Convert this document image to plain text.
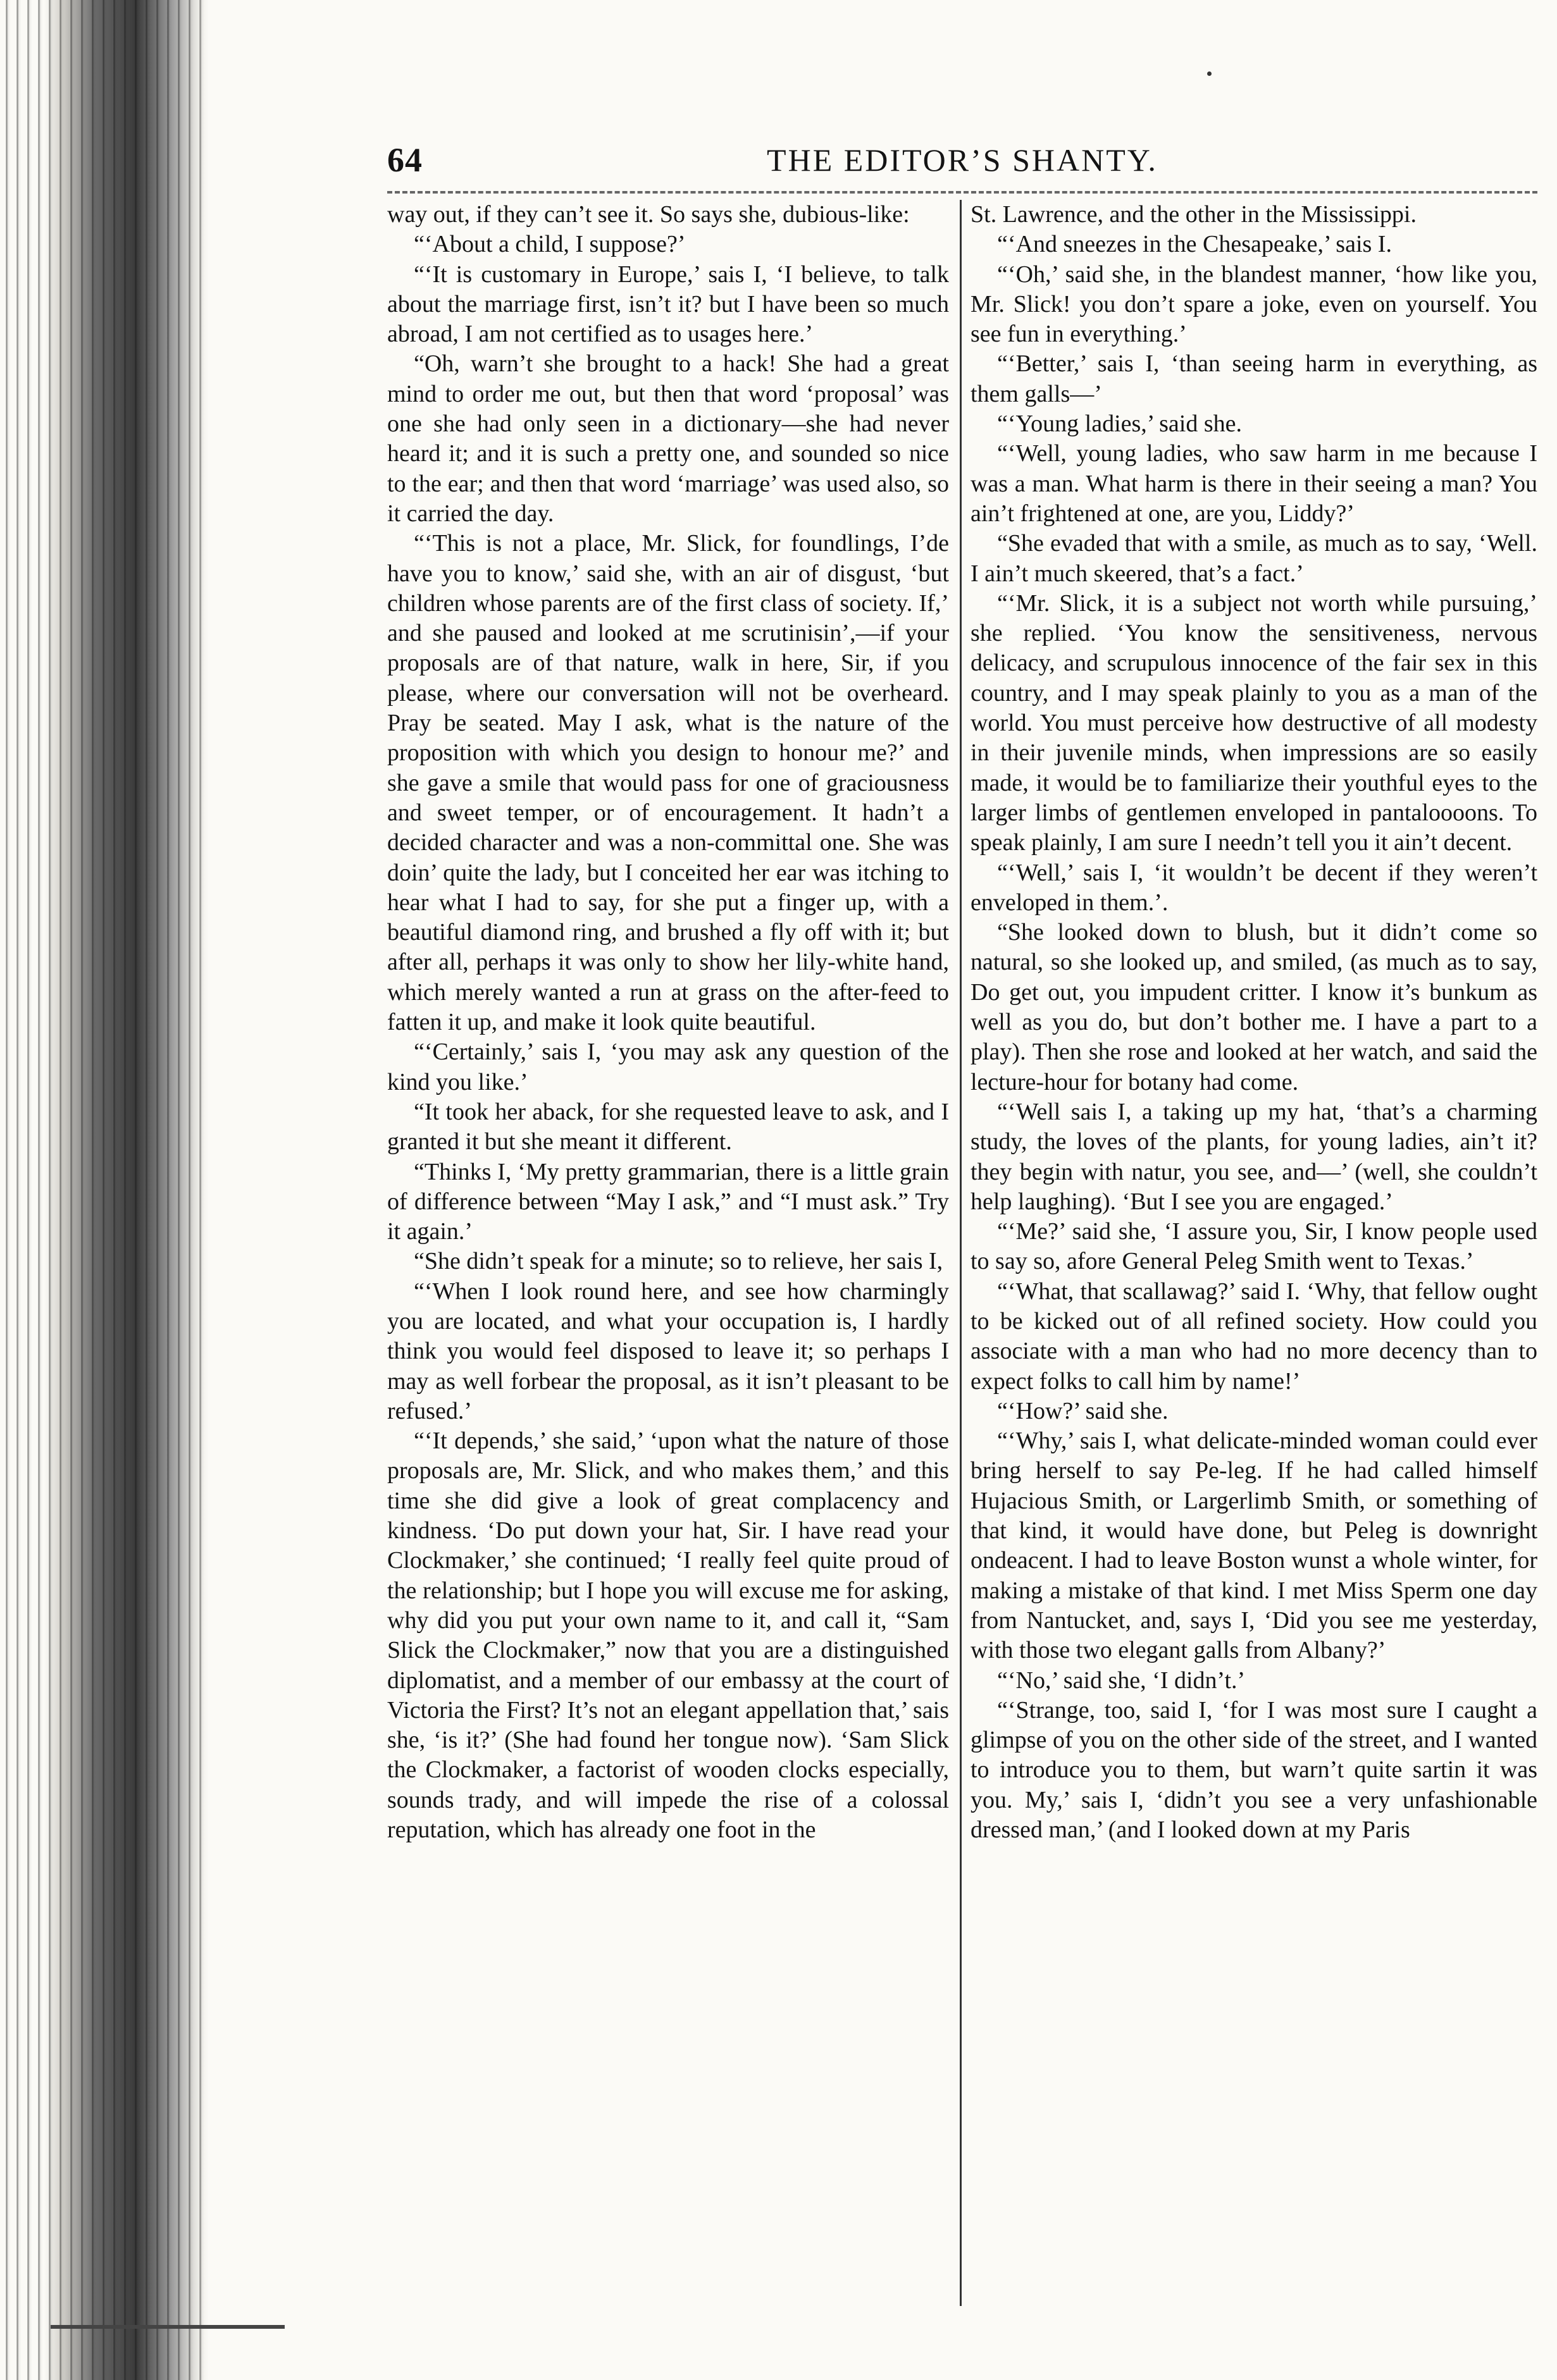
64	THE EDITOR’S SHANTY.

way out, if they can’t see it. So says she, dubious-like:

“‘About a child, I suppose?’

“‘It is customary in Europe,’ sais I, ‘I believe, to talk about the marriage first, isn’t it? but I have been so much abroad, I am not certified as to usages here.’

“Oh, warn’t she brought to a hack! She had a great mind to order me out, but then that word ‘proposal’ was one she had only seen in a dictionary—she had never heard it; and it is such a pretty one, and sounded so nice to the ear; and then that word ‘marriage’ was used also, so it carried the day.

“‘This is not a place, Mr. Slick, for foundlings, I’de have you to know,’ said she, with an air of disgust, ‘but children whose parents are of the first class of society. If,’ and she paused and looked at me scrutinisin’,—if your proposals are of that nature, walk in here, Sir, if you please, where our conversation will not be overheard. Pray be seated. May I ask, what is the nature of the proposition with which you design to honour me?’ and she gave a smile that would pass for one of graciousness and sweet temper, or of encouragement. It hadn’t a decided character and was a non-committal one. She was doin’ quite the lady, but I conceited her ear was itching to hear what I had to say, for she put a finger up, with a beautiful diamond ring, and brushed a fly off with it; but after all, perhaps it was only to show her lily-white hand, which merely wanted a run at grass on the after-feed to fatten it up, and make it look quite beautiful.

“‘Certainly,’ sais I, ‘you may ask any question of the kind you like.’

“It took her aback, for she requested leave to ask, and I granted it but she meant it different.

“Thinks I, ‘My pretty grammarian, there is a little grain of difference between “May I ask,” and “I must ask.” Try it again.’

“She didn’t speak for a minute; so to relieve, her sais I,

“‘When I look round here, and see how charmingly you are located, and what your occupation is, I hardly think you would feel disposed to leave it; so perhaps I may as well forbear the proposal, as it isn’t pleasant to be refused.’

“‘It depends,’ she said,’ ‘upon what the nature of those proposals are, Mr. Slick, and who makes them,’ and this time she did give a look of great complacency and kindness. ‘Do put down your hat, Sir. I have read your Clockmaker,’ she continued; ‘I really feel quite proud of the relationship; but I hope you will excuse me for asking, why did you put your own name to it, and call it, “Sam Slick the Clockmaker,” now that you are a distinguished diplomatist, and a member of our embassy at the court of Victoria the First? It’s not an elegant appellation that,’ sais she, ‘is it?’ (She had found her tongue now). ‘Sam Slick the Clockmaker, a factorist of wooden clocks especially, sounds trady, and will impede the rise of a colossal reputation, which has already one foot in the

St. Lawrence, and the other in the Mississippi.

“‘And sneezes in the Chesapeake,’ sais I.

“‘Oh,’ said she, in the blandest manner, ‘how like you, Mr. Slick! you don’t spare a joke, even on yourself. You see fun in everything.’

“‘Better,’ sais I, ‘than seeing harm in everything, as them galls—’

“‘Young ladies,’ said she.

“‘Well, young ladies, who saw harm in me because I was a man. What harm is there in their seeing a man? You ain’t frightened at one, are you, Liddy?’

“She evaded that with a smile, as much as to say, ‘Well. I ain’t much skeered, that’s a fact.’

“‘Mr. Slick, it is a subject not worth while pursuing,’ she replied. ‘You know the sensitiveness, nervous delicacy, and scrupulous innocence of the fair sex in this country, and I may speak plainly to you as a man of the world. You must perceive how destructive of all modesty in their juvenile minds, when impressions are so easily made, it would be to familiarize their youthful eyes to the larger limbs of gentlemen enveloped in pantaloooons. To speak plainly, I am sure I needn’t tell you it ain’t decent.

“‘Well,’ sais I, ‘it wouldn’t be decent if they weren’t enveloped in them.’.

“She looked down to blush, but it didn’t come so natural, so she looked up, and smiled, (as much as to say, Do get out, you impudent critter. I know it’s bunkum as well as you do, but don’t bother me. I have a part to a play). Then she rose and looked at her watch, and said the lecture-hour for botany had come.

“‘Well sais I, a taking up my hat, ‘that’s a charming study, the loves of the plants, for young ladies, ain’t it? they begin with natur, you see, and—’ (well, she couldn’t help laughing). ‘But I see you are engaged.’

“‘Me?’ said she, ‘I assure you, Sir, I know people used to say so, afore General Peleg Smith went to Texas.’

“‘What, that scallawag?’ said I. ‘Why, that fellow ought to be kicked out of all refined society. How could you associate with a man who had no more decency than to expect folks to call him by name!’

“‘How?’ said she.

“‘Why,’ sais I, what delicate-minded woman could ever bring herself to say Pe-leg. If he had called himself Hujacious Smith, or Largerlimb Smith, or something of that kind, it would have done, but Peleg is downright ondeacent. I had to leave Boston wunst a whole winter, for making a mistake of that kind. I met Miss Sperm one day from Nantucket, and, says I, ‘Did you see me yesterday, with those two elegant galls from Albany?’

“‘No,’ said she, ‘I didn’t.’

“‘Strange, too, said I, ‘for I was most sure I caught a glimpse of you on the other side of the street, and I wanted to introduce you to them, but warn’t quite sartin it was you. My,’ sais I, ‘didn’t you see a very unfashionable dressed man,’ (and I looked down at my Paris
